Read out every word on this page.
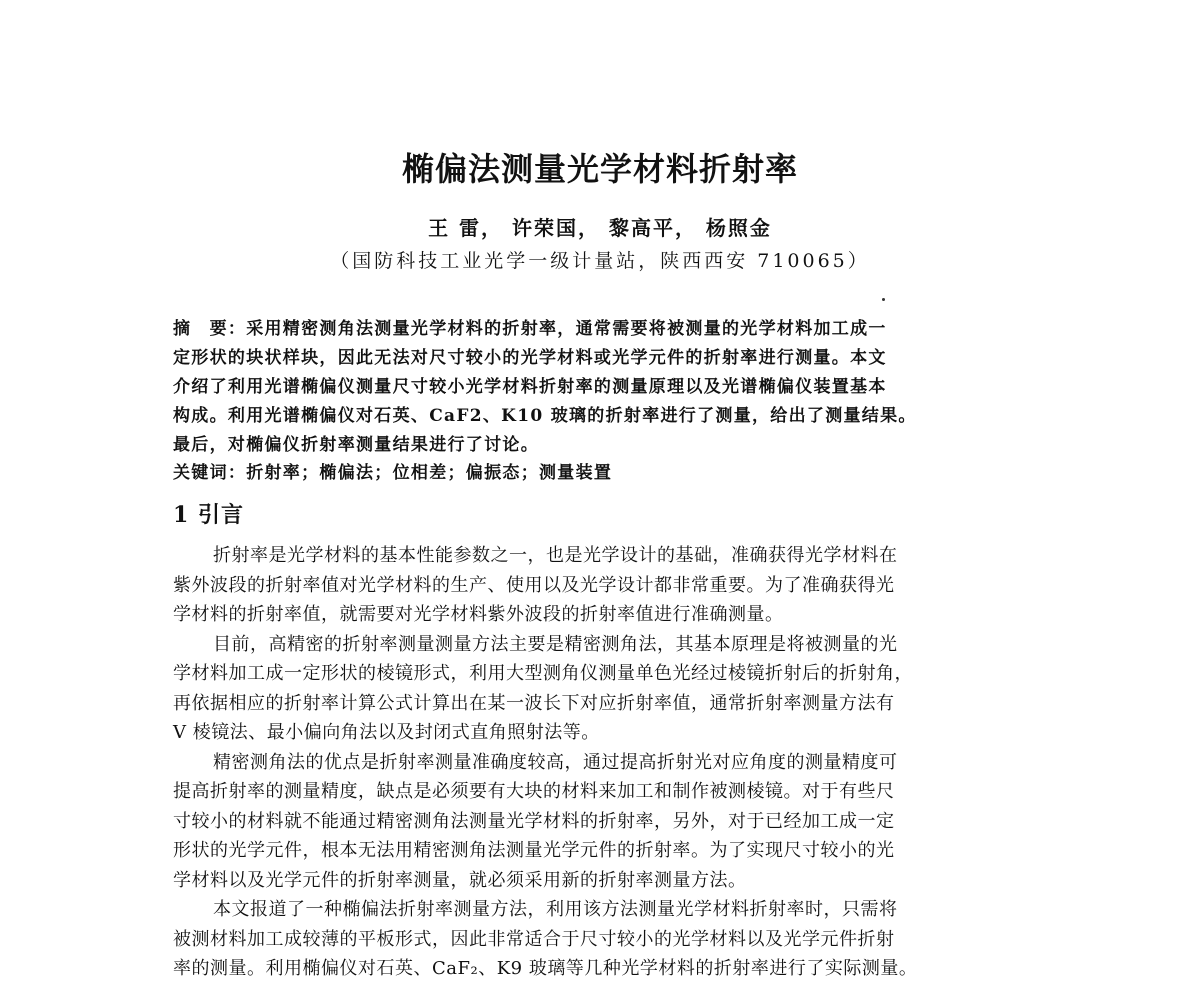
椭偏法测量光学材料折射率
王 雷， 许荣国， 黎高平， 杨照金
（国防科技工业光学一级计量站，陕西西安 710065）
摘　要：采用精密测角法测量光学材料的折射率，通常需要将被测量的光学材料加工成一
定形状的块状样块，因此无法对尺寸较小的光学材料或光学元件的折射率进行测量。本文
介绍了利用光谱椭偏仪测量尺寸较小光学材料折射率的测量原理以及光谱椭偏仪装置基本
构成。利用光谱椭偏仪对石英、CaF2、K10 玻璃的折射率进行了测量，给出了测量结果。
最后，对椭偏仪折射率测量结果进行了讨论。
关键词：折射率；椭偏法；位相差；偏振态；测量装置
1 引言
折射率是光学材料的基本性能参数之一，也是光学设计的基础，准确获得光学材料在
紫外波段的折射率值对光学材料的生产、使用以及光学设计都非常重要。为了准确获得光
学材料的折射率值，就需要对光学材料紫外波段的折射率值进行准确测量。
目前，高精密的折射率测量测量方法主要是精密测角法，其基本原理是将被测量的光
学材料加工成一定形状的棱镜形式，利用大型测角仪测量单色光经过棱镜折射后的折射角，
再依据相应的折射率计算公式计算出在某一波长下对应折射率值，通常折射率测量方法有
V 棱镜法、最小偏向角法以及封闭式直角照射法等。
精密测角法的优点是折射率测量准确度较高，通过提高折射光对应角度的测量精度可
提高折射率的测量精度，缺点是必须要有大块的材料来加工和制作被测棱镜。对于有些尺
寸较小的材料就不能通过精密测角法测量光学材料的折射率，另外，对于已经加工成一定
形状的光学元件，根本无法用精密测角法测量光学元件的折射率。为了实现尺寸较小的光
学材料以及光学元件的折射率测量，就必须采用新的折射率测量方法。
本文报道了一种椭偏法折射率测量方法，利用该方法测量光学材料折射率时，只需将
被测材料加工成较薄的平板形式，因此非常适合于尺寸较小的光学材料以及光学元件折射
率的测量。利用椭偏仪对石英、CaF₂、K9 玻璃等几种光学材料的折射率进行了实际测量。
